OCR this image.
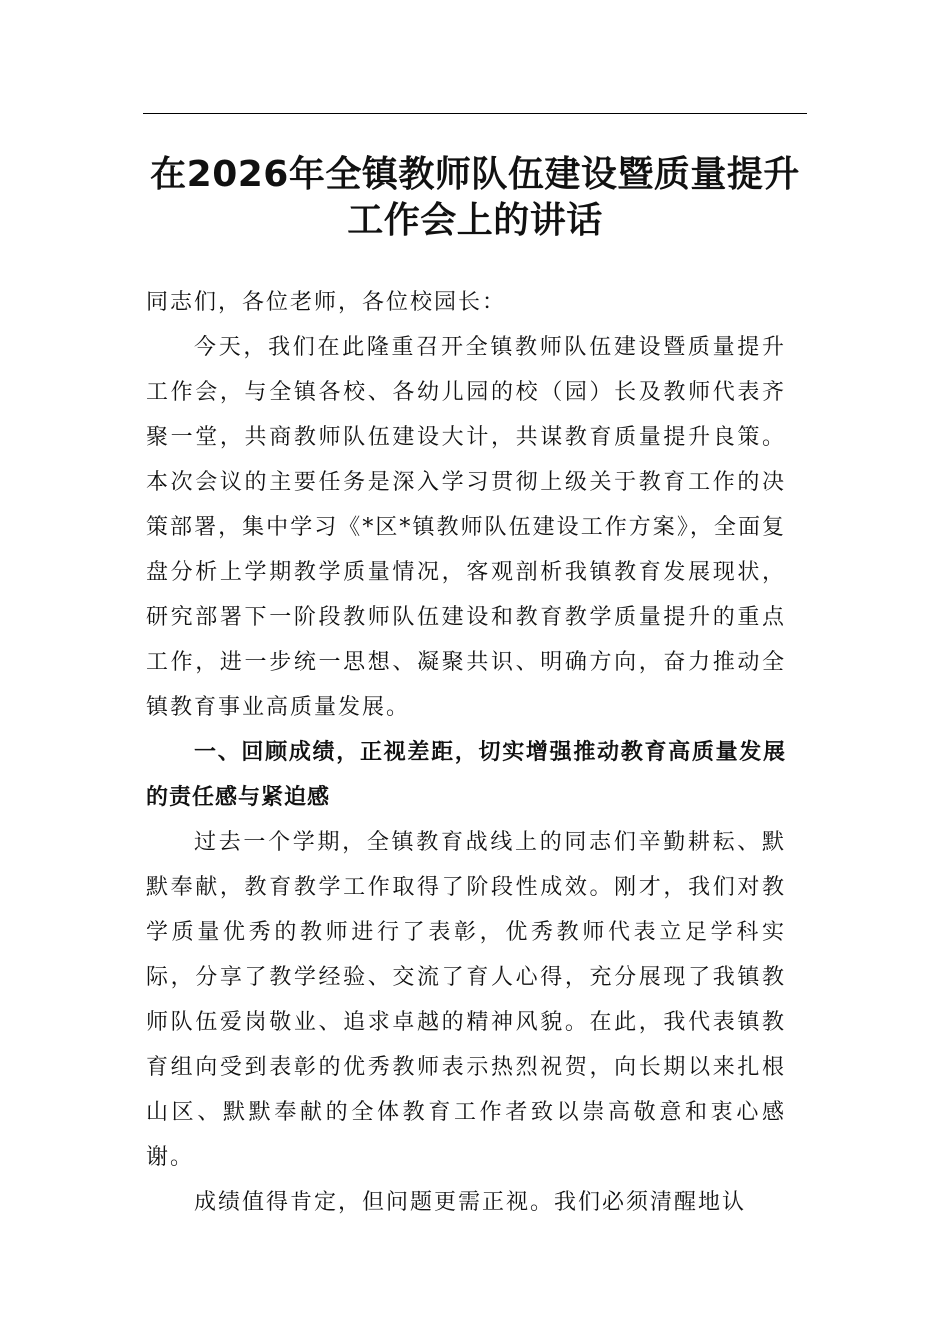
在2026年全镇教师队伍建设暨质量提升
工作会上的讲话

同志们，各位老师，各位校园长：

今天，我们在此隆重召开全镇教师队伍建设暨质量提升工作会，与全镇各校、各幼儿园的校（园）长及教师代表齐聚一堂，共商教师队伍建设大计，共谋教育质量提升良策。本次会议的主要任务是深入学习贯彻上级关于教育工作的决策部署，集中学习《*区*镇教师队伍建设工作方案》，全面复盘分析上学期教学质量情况，客观剖析我镇教育发展现状，研究部署下一阶段教师队伍建设和教育教学质量提升的重点工作，进一步统一思想、凝聚共识、明确方向，奋力推动全镇教育事业高质量发展。

一、回顾成绩，正视差距，切实增强推动教育高质量发展的责任感与紧迫感

过去一个学期，全镇教育战线上的同志们辛勤耕耘、默默奉献，教育教学工作取得了阶段性成效。刚才，我们对教学质量优秀的教师进行了表彰，优秀教师代表立足学科实际，分享了教学经验、交流了育人心得，充分展现了我镇教师队伍爱岗敬业、追求卓越的精神风貌。在此，我代表镇教育组向受到表彰的优秀教师表示热烈祝贺，向长期以来扎根山区、默默奉献的全体教育工作者致以崇高敬意和衷心感谢。

成绩值得肯定，但问题更需正视。我们必须清醒地认
